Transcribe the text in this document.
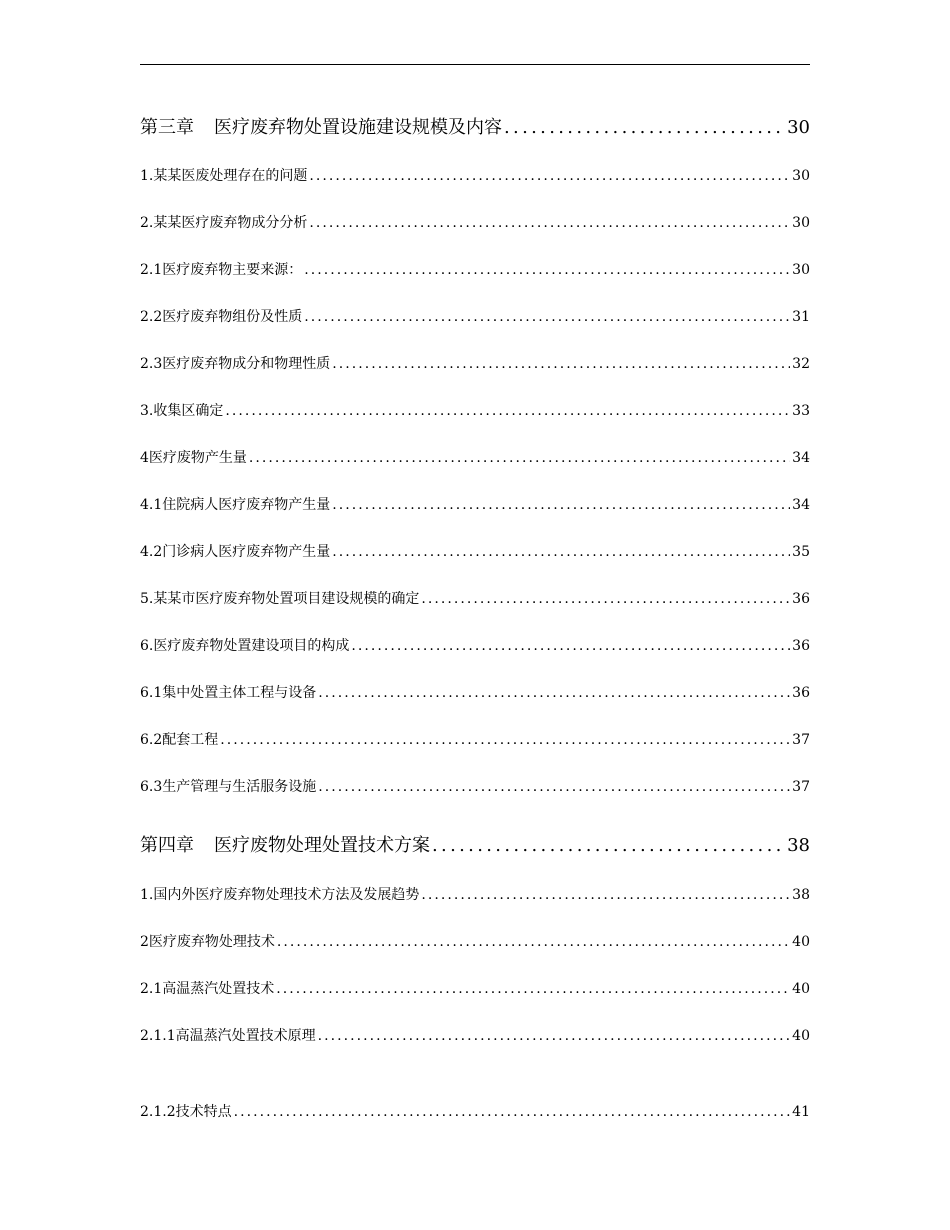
第三章 医疗废弃物处置设施建设规模及内容 . . .	30
1.某某医废处理存在的问题 . . .	30
2.某某医疗废弃物成分分析 . . .	30
2.1医疗废弃物主要来源： . . .	30
2.2医疗废弃物组份及性质 . . .	31
2.3医疗废弃物成分和物理性质 . . .	32
3.收集区确定 . . .	33
4医疗废物产生量 . . .	34
4.1住院病人医疗废弃物产生量 . . .	34
4.2门诊病人医疗废弃物产生量 . . .	35
5.某某市医疗废弃物处置项目建设规模的确定 . . .	36
6.医疗废弃物处置建设项目的构成 . . .	36
6.1集中处置主体工程与设备 . . .	36
6.2配套工程 . . .	37
6.3生产管理与生活服务设施 . . .	37
第四章 医疗废物处理处置技术方案 . . .	38
1.国内外医疗废弃物处理技术方法及发展趋势 . . .	38
2医疗废弃物处理技术 . . .	40
2.1高温蒸汽处置技术 . . .	40
2.1.1高温蒸汽处置技术原理 . . .	40
2.1.2技术特点 . . .	41
